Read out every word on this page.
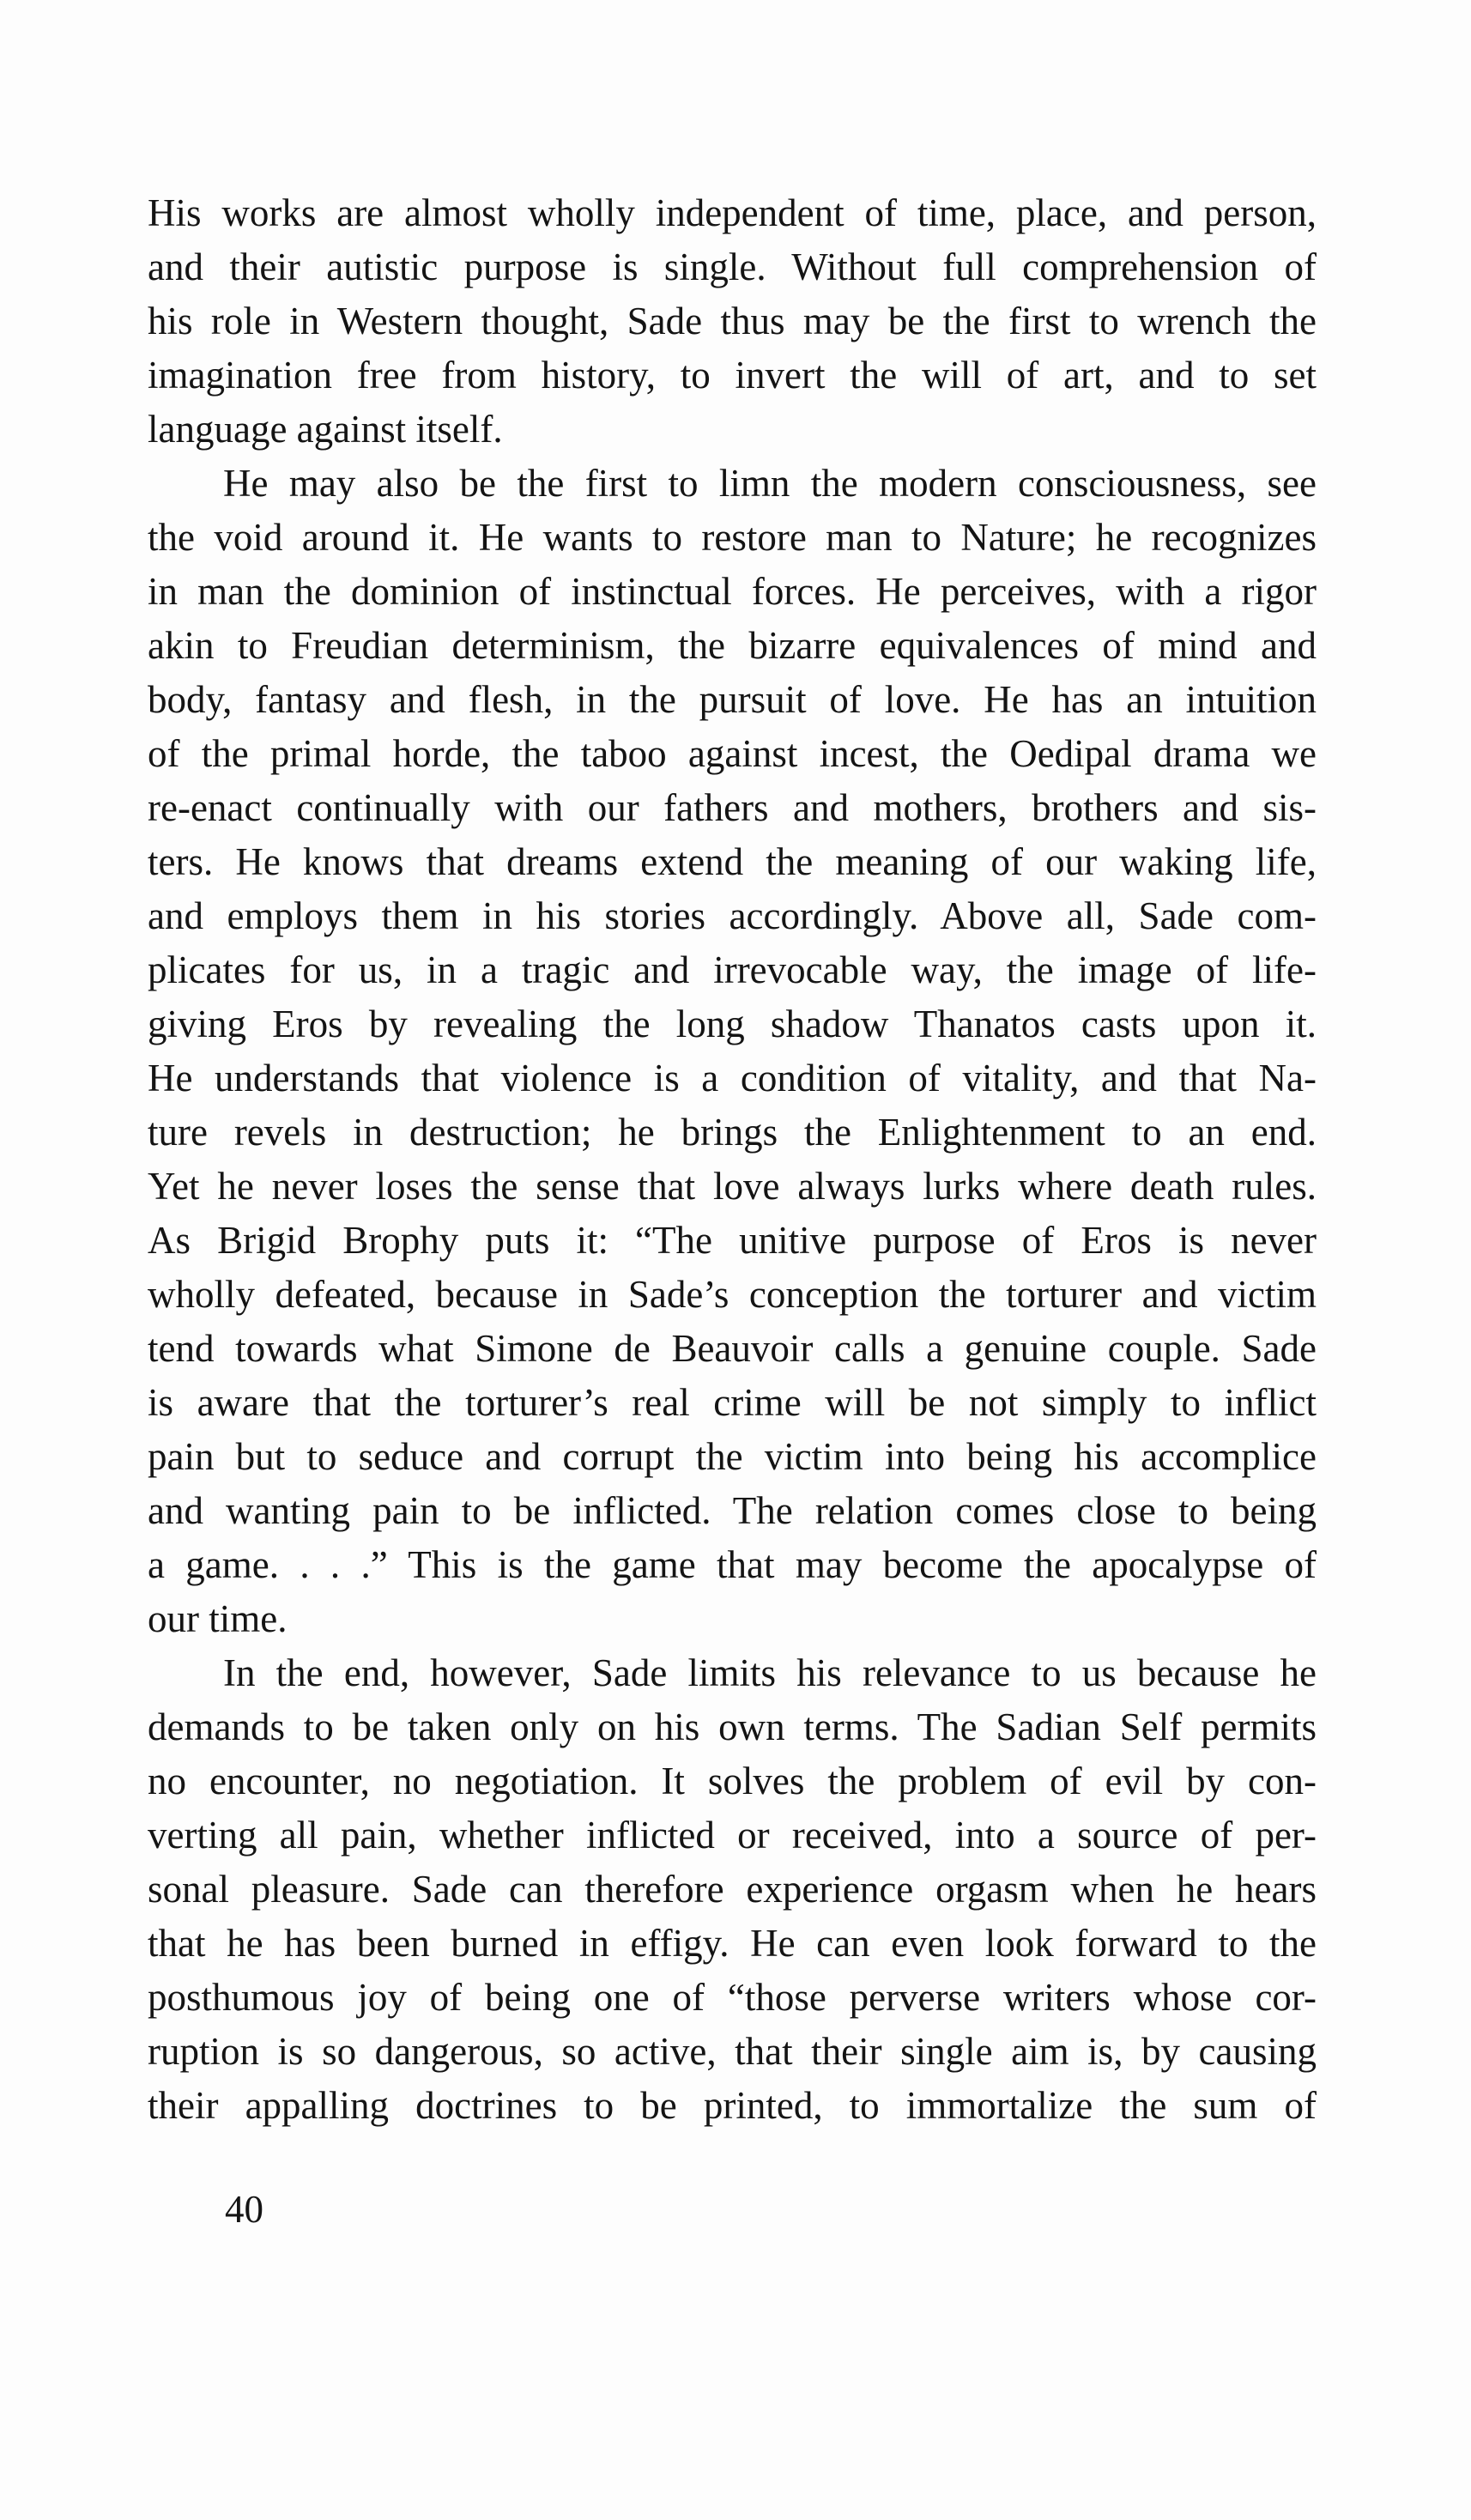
His works are almost wholly independent of time, place, and person,
and their autistic purpose is single. Without full comprehension of
his role in Western thought, Sade thus may be the first to wrench the
imagination free from history, to invert the will of art, and to set
language against itself.
He may also be the first to limn the modern consciousness, see
the void around it. He wants to restore man to Nature; he recognizes
in man the dominion of instinctual forces. He perceives, with a rigor
akin to Freudian determinism, the bizarre equivalences of mind and
body, fantasy and flesh, in the pursuit of love. He has an intuition
of the primal horde, the taboo against incest, the Oedipal drama we
re-enact continually with our fathers and mothers, brothers and sis-
ters. He knows that dreams extend the meaning of our waking life,
and employs them in his stories accordingly. Above all, Sade com-
plicates for us, in a tragic and irrevocable way, the image of life-
giving Eros by revealing the long shadow Thanatos casts upon it.
He understands that violence is a condition of vitality, and that Na-
ture revels in destruction; he brings the Enlightenment to an end.
Yet he never loses the sense that love always lurks where death rules.
As Brigid Brophy puts it: “The unitive purpose of Eros is never
wholly defeated, because in Sade’s conception the torturer and victim
tend towards what Simone de Beauvoir calls a genuine couple. Sade
is aware that the torturer’s real crime will be not simply to inflict
pain but to seduce and corrupt the victim into being his accomplice
and wanting pain to be inflicted. The relation comes close to being
a game. . . .” This is the game that may become the apocalypse of
our time.
In the end, however, Sade limits his relevance to us because he
demands to be taken only on his own terms. The Sadian Self permits
no encounter, no negotiation. It solves the problem of evil by con-
verting all pain, whether inflicted or received, into a source of per-
sonal pleasure. Sade can therefore experience orgasm when he hears
that he has been burned in effigy. He can even look forward to the
posthumous joy of being one of “those perverse writers whose cor-
ruption is so dangerous, so active, that their single aim is, by causing
their appalling doctrines to be printed, to immortalize the sum of
40
